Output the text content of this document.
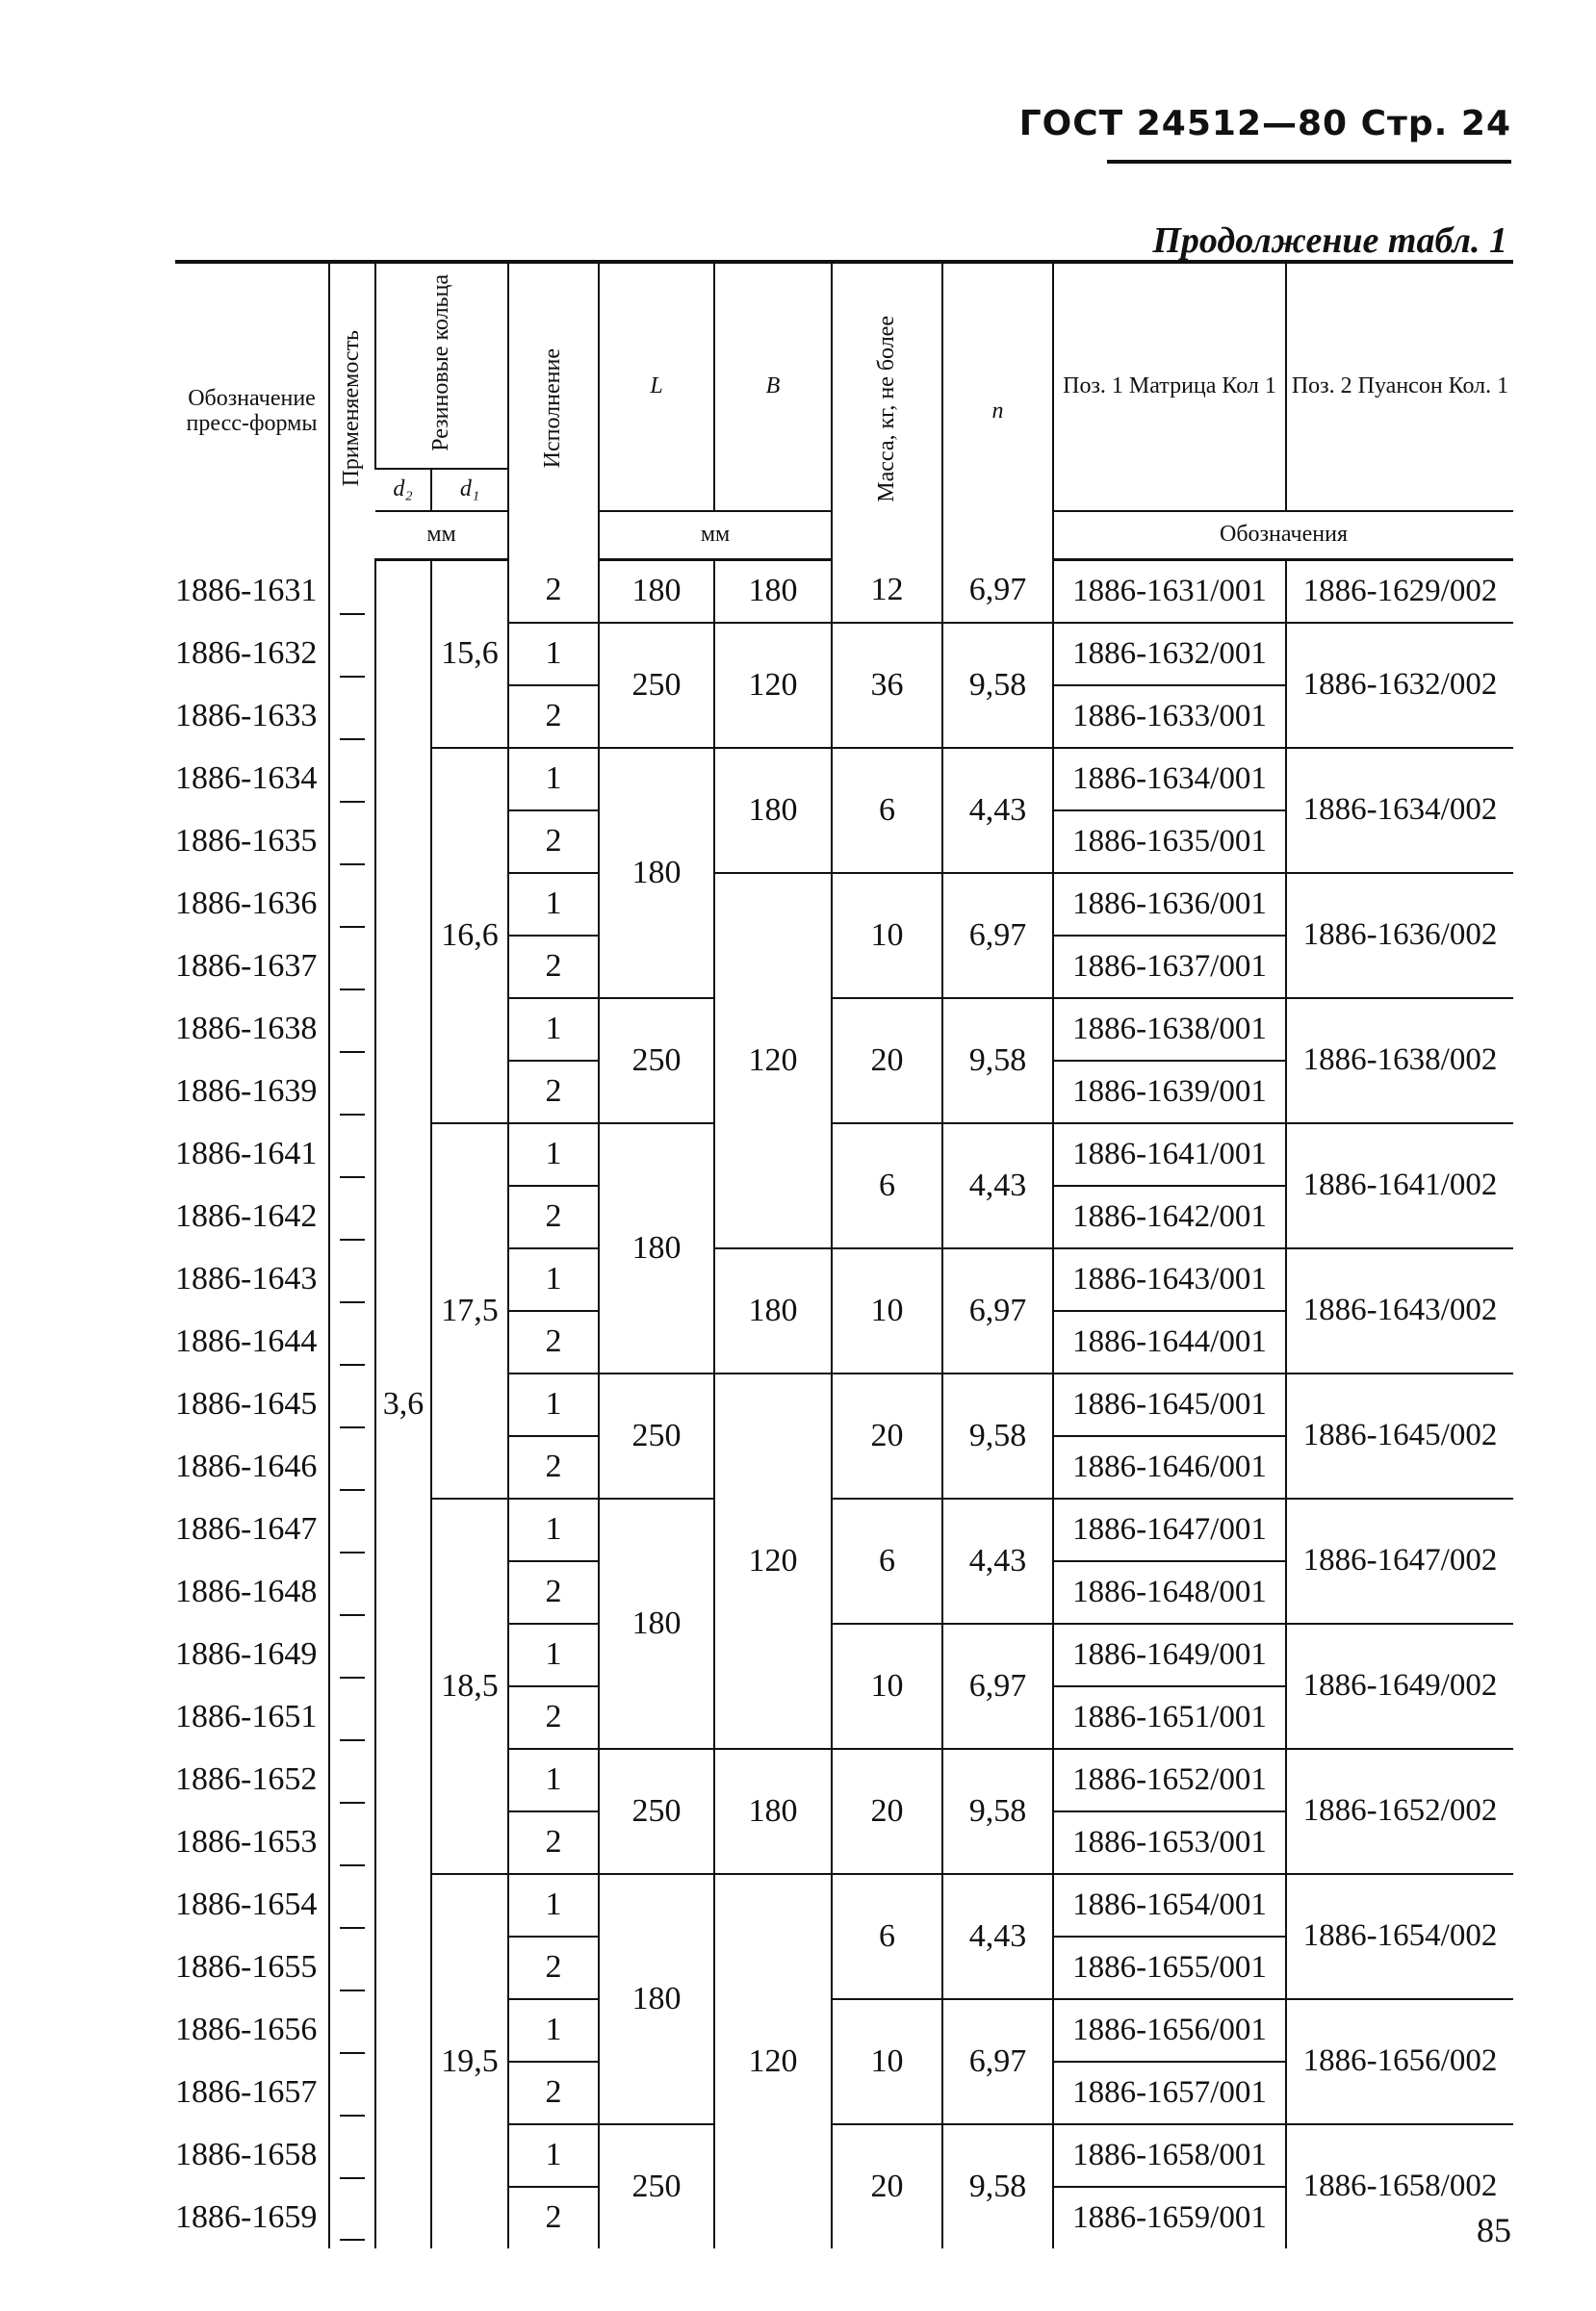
ГОСТ 24512—80 Стр. 24
Продолжение табл. 1
Обозначение пресс-формы	Применяемость	Резиновые кольца		Исполнение	L	B	Масса, кг, не более	n	Поз. 1 Матрица Кол 1	Поз. 2 Пуансон Кол. 1
		d₂	d₁							
		мм			мм				Обозначения	
1886-1631		3,6	15,6	2	180	180	12	6,97	1886-1631/001	1886-1629/002
1886-1632				1	250	120	36	9,58	1886-1632/001	1886-1632/002
1886-1633				2					1886-1633/001	
1886-1634			16,6	1	180	180	6	4,43	1886-1634/001	1886-1634/002
1886-1635				2					1886-1635/001	
1886-1636				1		120	10	6,97	1886-1636/001	1886-1636/002
1886-1637				2					1886-1637/001	
1886-1638				1	250		20	9,58	1886-1638/001	1886-1638/002
1886-1639				2					1886-1639/001	
1886-1641			17,5	1	180		6	4,43	1886-1641/001	1886-1641/002
1886-1642				2					1886-1642/001	
1886-1643				1		180	10	6,97	1886-1643/001	1886-1643/002
1886-1644				2					1886-1644/001	
1886-1645				1	250	120	20	9,58	1886-1645/001	1886-1645/002
1886-1646				2					1886-1646/001	
1886-1647			18,5	1	180		6	4,43	1886-1647/001	1886-1647/002
1886-1648				2					1886-1648/001	
1886-1649				1			10	6,97	1886-1649/001	1886-1649/002
1886-1651				2					1886-1651/001	
1886-1652				1	250	180	20	9,58	1886-1652/001	1886-1652/002
1886-1653				2					1886-1653/001	
1886-1654			19,5	1	180	120	6	4,43	1886-1654/001	1886-1654/002
1886-1655				2					1886-1655/001	
1886-1656				1			10	6,97	1886-1656/001	1886-1656/002
1886-1657				2					1886-1657/001	
1886-1658				1	250		20	9,58	1886-1658/001	1886-1658/002
1886-1659				2					1886-1659/001		85
